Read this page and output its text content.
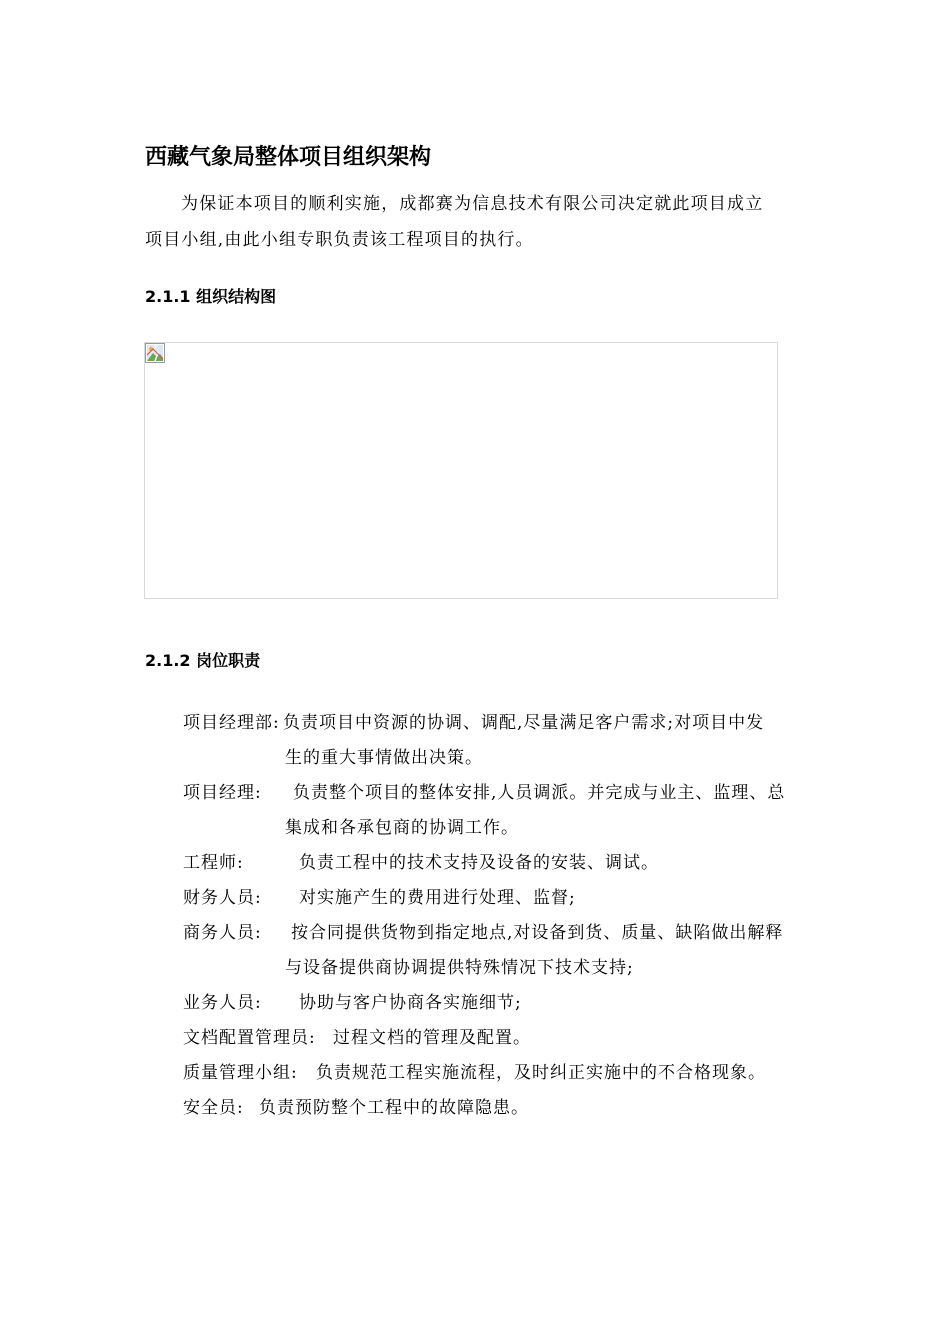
西藏气象局整体项目组织架构
为保证本项目的顺利实施，成都赛为信息技术有限公司决定就此项目成立
项目小组,由此小组专职负责该工程项目的执行。
2.1.1 组织结构图
2.1.2 岗位职责
项目经理部: 负责项目中资源的协调、调配,尽量满足客户需求;对项目中发
生的重大事情做出决策。
项目经理:	负责整个项目的整体安排,人员调派。并完成与业主、监理、总
集成和各承包商的协调工作。
工程师:	负责工程中的技术支持及设备的安装、调试。
财务人员:	对实施产生的费用进行处理、监督;
商务人员:	按合同提供货物到指定地点,对设备到货、质量、缺陷做出解释
与设备提供商协调提供特殊情况下技术支持;
业务人员:	协助与客户协商各实施细节;
文档配置管理员:	过程文档的管理及配置。
质量管理小组:	负责规范工程实施流程，及时纠正实施中的不合格现象。
安全员: 负责预防整个工程中的故障隐患。
